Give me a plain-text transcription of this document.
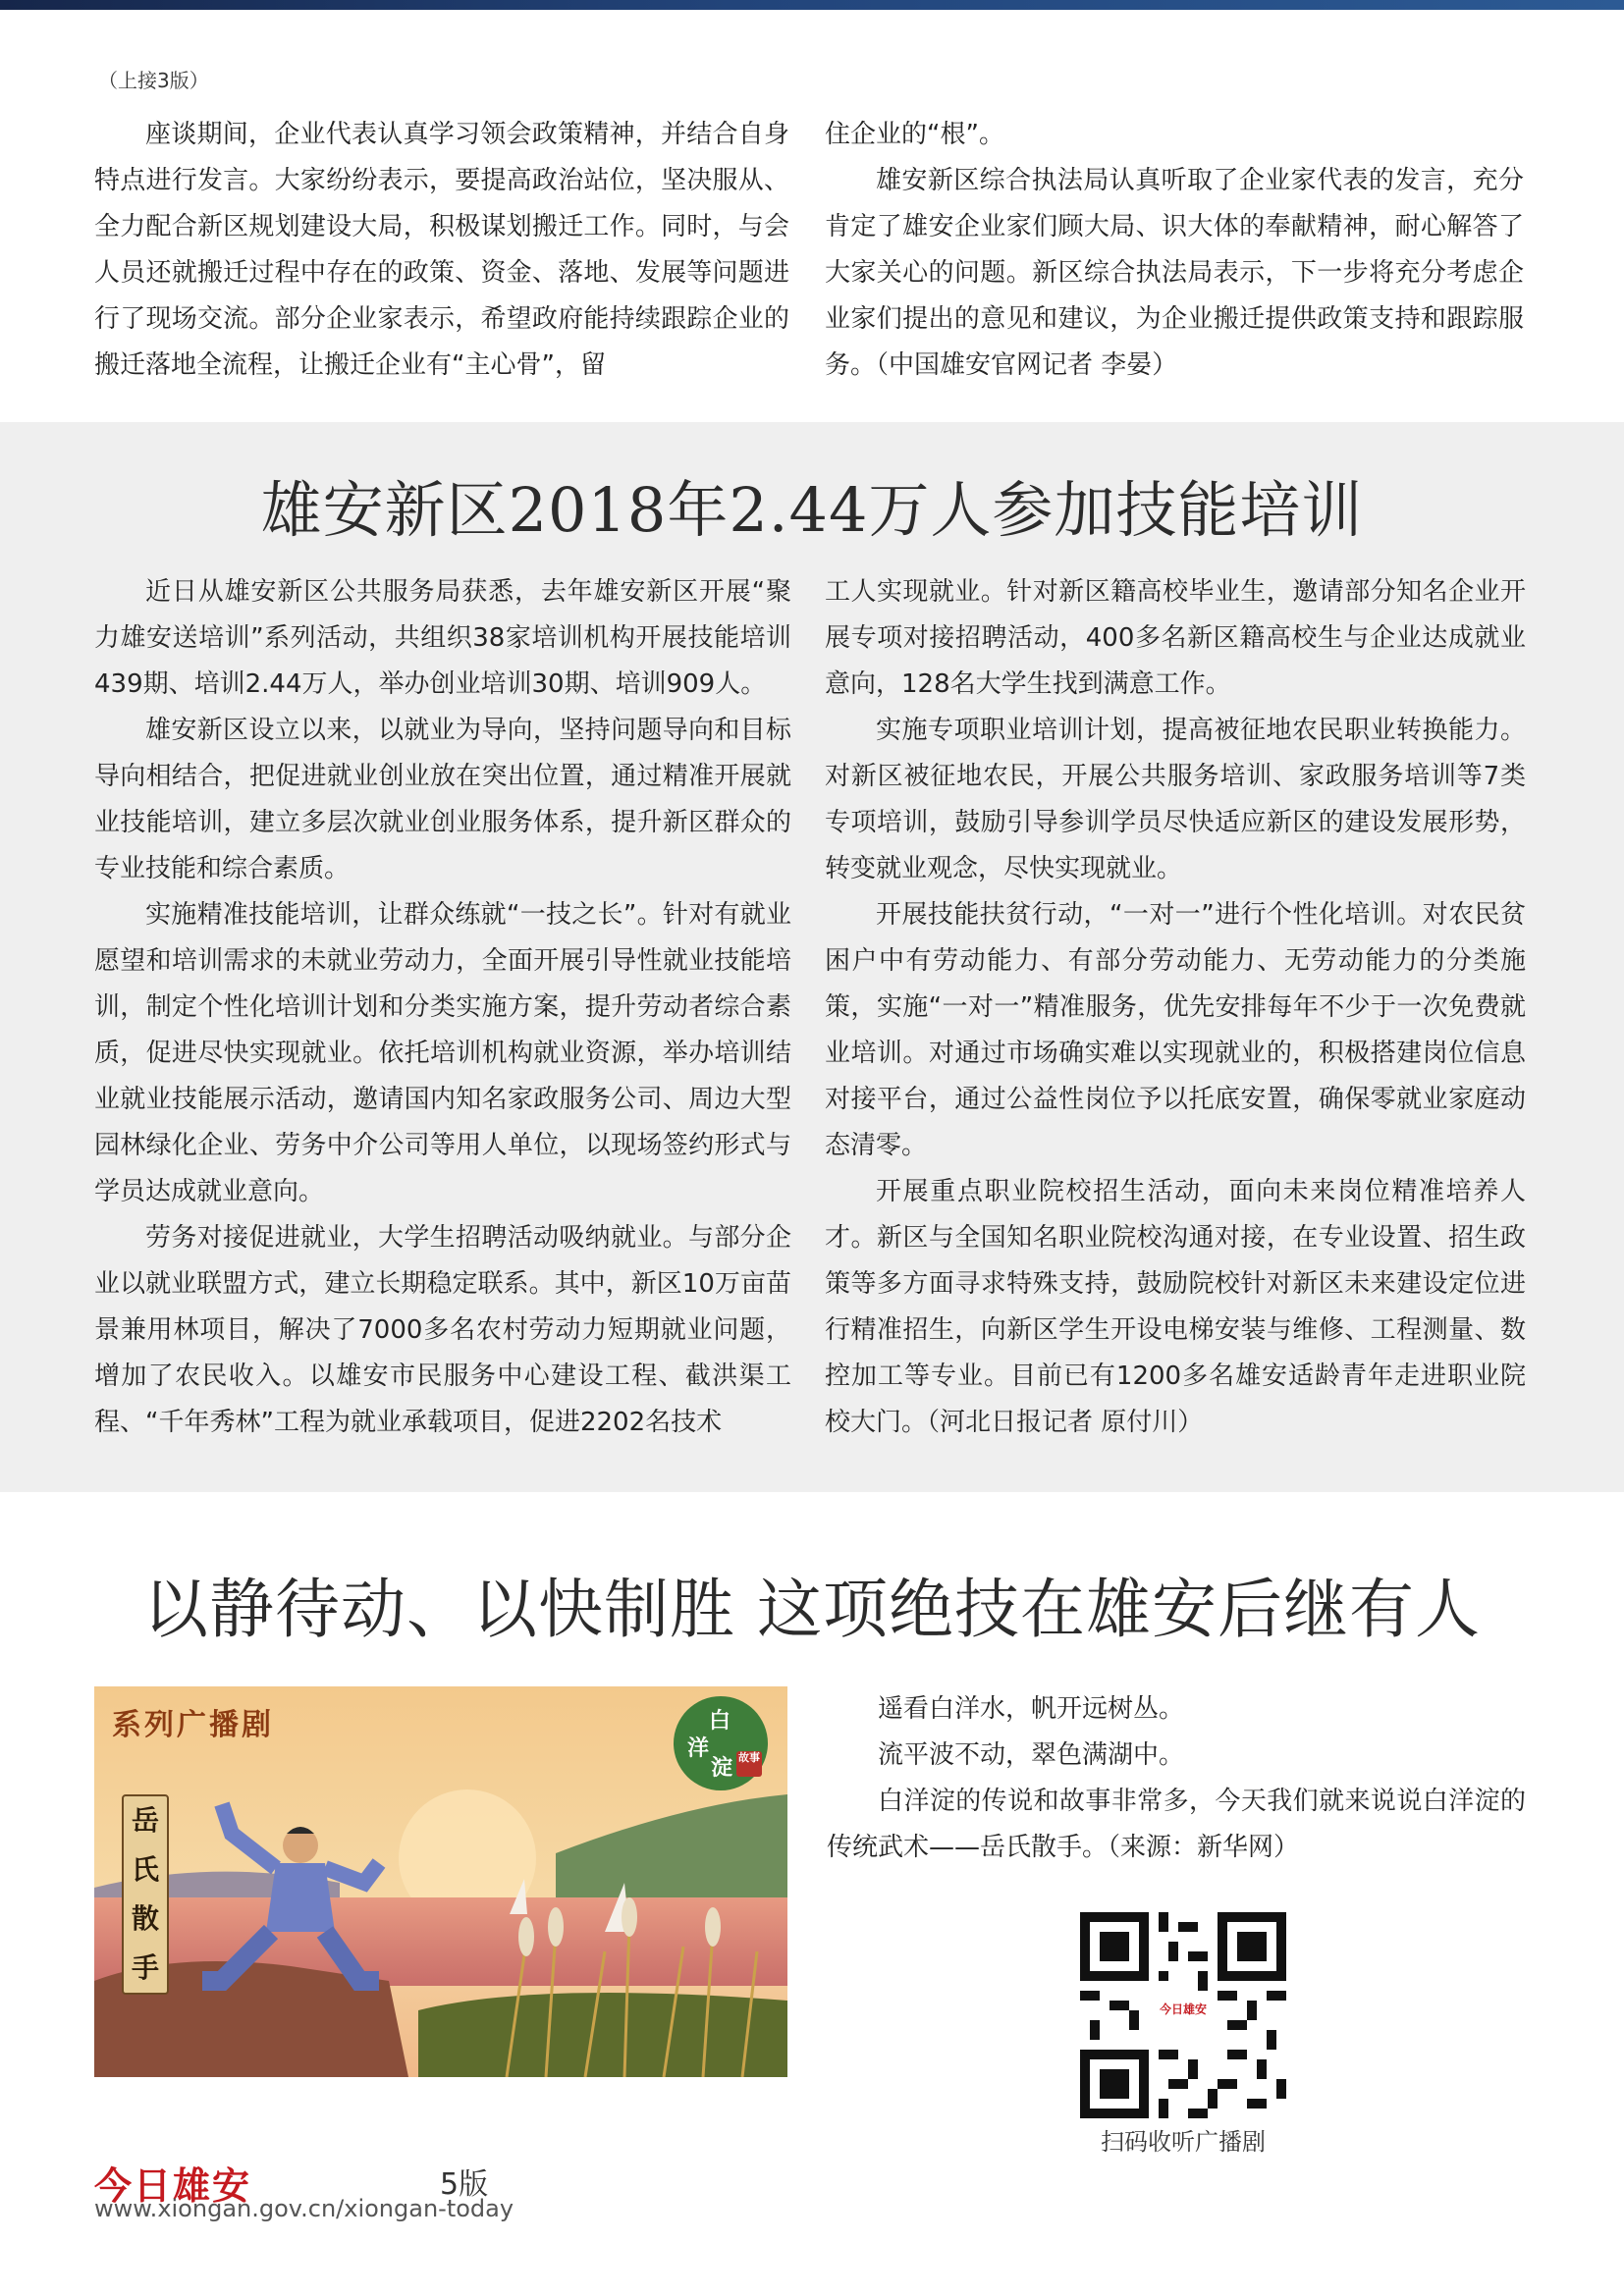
（上接3版）

座谈期间，企业代表认真学习领会政策精神，并结合自身特点进行发言。大家纷纷表示，要提高政治站位，坚决服从、全力配合新区规划建设大局，积极谋划搬迁工作。同时，与会人员还就搬迁过程中存在的政策、资金、落地、发展等问题进行了现场交流。部分企业家表示，希望政府能持续跟踪企业的搬迁落地全流程，让搬迁企业有“主心骨”，留

住企业的“根”。

雄安新区综合执法局认真听取了企业家代表的发言，充分肯定了雄安企业家们顾大局、识大体的奉献精神，耐心解答了大家关心的问题。新区综合执法局表示，下一步将充分考虑企业家们提出的意见和建议，为企业搬迁提供政策支持和跟踪服务。（中国雄安官网记者 李晏）

雄安新区2018年2.44万人参加技能培训

近日从雄安新区公共服务局获悉，去年雄安新区开展“聚力雄安送培训”系列活动，共组织38家培训机构开展技能培训439期、培训2.44万人，举办创业培训30期、培训909人。

雄安新区设立以来，以就业为导向，坚持问题导向和目标导向相结合，把促进就业创业放在突出位置，通过精准开展就业技能培训，建立多层次就业创业服务体系，提升新区群众的专业技能和综合素质。

实施精准技能培训，让群众练就“一技之长”。针对有就业愿望和培训需求的未就业劳动力，全面开展引导性就业技能培训，制定个性化培训计划和分类实施方案，提升劳动者综合素质，促进尽快实现就业。依托培训机构就业资源，举办培训结业就业技能展示活动，邀请国内知名家政服务公司、周边大型园林绿化企业、劳务中介公司等用人单位，以现场签约形式与学员达成就业意向。

劳务对接促进就业，大学生招聘活动吸纳就业。与部分企业以就业联盟方式，建立长期稳定联系。其中，新区10万亩苗景兼用林项目，解决了7000多名农村劳动力短期就业问题，增加了农民收入。以雄安市民服务中心建设工程、截洪渠工程、“千年秀林”工程为就业承载项目，促进2202名技术

工人实现就业。针对新区籍高校毕业生，邀请部分知名企业开展专项对接招聘活动，400多名新区籍高校生与企业达成就业意向，128名大学生找到满意工作。

实施专项职业培训计划，提高被征地农民职业转换能力。对新区被征地农民，开展公共服务培训、家政服务培训等7类专项培训，鼓励引导参训学员尽快适应新区的建设发展形势，转变就业观念，尽快实现就业。

开展技能扶贫行动，“一对一”进行个性化培训。对农民贫困户中有劳动能力、有部分劳动能力、无劳动能力的分类施策，实施“一对一”精准服务，优先安排每年不少于一次免费就业培训。对通过市场确实难以实现就业的，积极搭建岗位信息对接平台，通过公益性岗位予以托底安置，确保零就业家庭动态清零。

开展重点职业院校招生活动，面向未来岗位精准培养人才。新区与全国知名职业院校沟通对接，在专业设置、招生政策等多方面寻求特殊支持，鼓励院校针对新区未来建设定位进行精准招生，向新区学生开设电梯安装与维修、工程测量、数控加工等专业。目前已有1200多名雄安适龄青年走进职业院校大门。（河北日报记者 原付川）

以静待动、以快制胜 这项绝技在雄安后继有人
系列广播剧
岳
氏
散
手
白
洋
淀 故事

遥看白洋水，帆开远树丛。

流平波不动，翠色满湖中。

白洋淀的传说和故事非常多，今天我们就来说说白洋淀的传统武术——岳氏散手。（来源：新华网）

今日雄安
扫码收听广播剧
今日雄安	5版
www.xiongan.gov.cn/xiongan-today
